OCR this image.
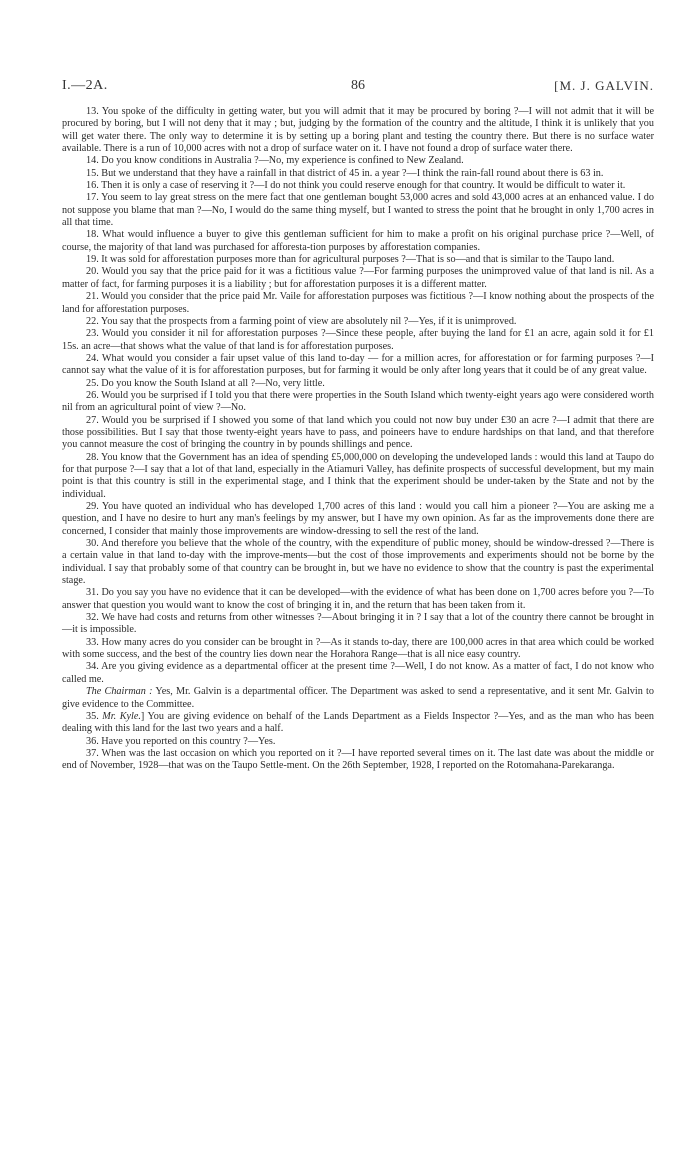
I.—2A.	86	[M. J. GALVIN.

13. You spoke of the difficulty in getting water, but you will admit that it may be procured by boring ?—I will not admit that it will be procured by boring, but I will not deny that it may ; but, judging by the formation of the country and the altitude, I think it is unlikely that you will get water there. The only way to determine it is by setting up a boring plant and testing the country there. But there is no surface water available. There is a run of 10,000 acres with not a drop of surface water on it. I have not found a drop of surface water there.

14. Do you know conditions in Australia ?—No, my experience is confined to New Zealand.

15. But we understand that they have a rainfall in that district of 45 in. a year ?—I think the rain-fall round about there is 63 in.

16. Then it is only a case of reserving it ?—I do not think you could reserve enough for that country. It would be difficult to water it.

17. You seem to lay great stress on the mere fact that one gentleman bought 53,000 acres and sold 43,000 acres at an enhanced value. I do not suppose you blame that man ?—No, I would do the same thing myself, but I wanted to stress the point that he brought in only 1,700 acres in all that time.

18. What would influence a buyer to give this gentleman sufficient for him to make a profit on his original purchase price ?—Well, of course, the majority of that land was purchased for afforesta-tion purposes by afforestation companies.

19. It was sold for afforestation purposes more than for agricultural purposes ?—That is so—and that is similar to the Taupo land.

20. Would you say that the price paid for it was a fictitious value ?—For farming purposes the unimproved value of that land is nil. As a matter of fact, for farming purposes it is a liability ; but for afforestation purposes it is a different matter.

21. Would you consider that the price paid Mr. Vaile for afforestation purposes was fictitious ?—I know nothing about the prospects of the land for afforestation purposes.

22. You say that the prospects from a farming point of view are absolutely nil ?—Yes, if it is unimproved.

23. Would you consider it nil for afforestation purposes ?—Since these people, after buying the land for £1 an acre, again sold it for £1 15s. an acre—that shows what the value of that land is for afforestation purposes.

24. What would you consider a fair upset value of this land to-day — for a million acres, for afforestation or for farming purposes ?—I cannot say what the value of it is for afforestation purposes, but for farming it would be only after long years that it could be of any great value.

25. Do you know the South Island at all ?—No, very little.

26. Would you be surprised if I told you that there were properties in the South Island which twenty-eight years ago were considered worth nil from an agricultural point of view ?—No.

27. Would you be surprised if I showed you some of that land which you could not now buy under £30 an acre ?—I admit that there are those possibilities. But I say that those twenty-eight years have to pass, and poineers have to endure hardships on that land, and that therefore you cannot measure the cost of bringing the country in by pounds shillings and pence.

28. You know that the Government has an idea of spending £5,000,000 on developing the undeveloped lands : would this land at Taupo do for that purpose ?—I say that a lot of that land, especially in the Atiamuri Valley, has definite prospects of successful development, but my main point is that this country is still in the experimental stage, and I think that the experiment should be under-taken by the State and not by the individual.

29. You have quoted an individual who has developed 1,700 acres of this land : would you call him a pioneer ?—You are asking me a question, and I have no desire to hurt any man's feelings by my answer, but I have my own opinion. As far as the improvements done there are concerned, I consider that mainly those improvements are window-dressing to sell the rest of the land.

30. And therefore you believe that the whole of the country, with the expenditure of public money, should be window-dressed ?—There is a certain value in that land to-day with the improve-ments—but the cost of those improvements and experiments should not be borne by the individual. I say that probably some of that country can be brought in, but we have no evidence to show that the country is past the experimental stage.

31. Do you say you have no evidence that it can be developed—with the evidence of what has been done on 1,700 acres before you ?—To answer that question you would want to know the cost of bringing it in, and the return that has been taken from it.

32. We have had costs and returns from other witnesses ?—About bringing it in ? I say that a lot of the country there cannot be brought in—it is impossible.

33. How many acres do you consider can be brought in ?—As it stands to-day, there are 100,000 acres in that area which could be worked with some success, and the best of the country lies down near the Horahora Range—that is all nice easy country.

34. Are you giving evidence as a departmental officer at the present time ?—Well, I do not know. As a matter of fact, I do not know who called me.

The Chairman : Yes, Mr. Galvin is a departmental officer. The Department was asked to send a representative, and it sent Mr. Galvin to give evidence to the Committee.

35. Mr. Kyle.] You are giving evidence on behalf of the Lands Department as a Fields Inspector ?—Yes, and as the man who has been dealing with this land for the last two years and a half.

36. Have you reported on this country ?—Yes.

37. When was the last occasion on which you reported on it ?—I have reported several times on it. The last date was about the middle or end of November, 1928—that was on the Taupo Settle-ment. On the 26th September, 1928, I reported on the Rotomahana-Parekarangа.
